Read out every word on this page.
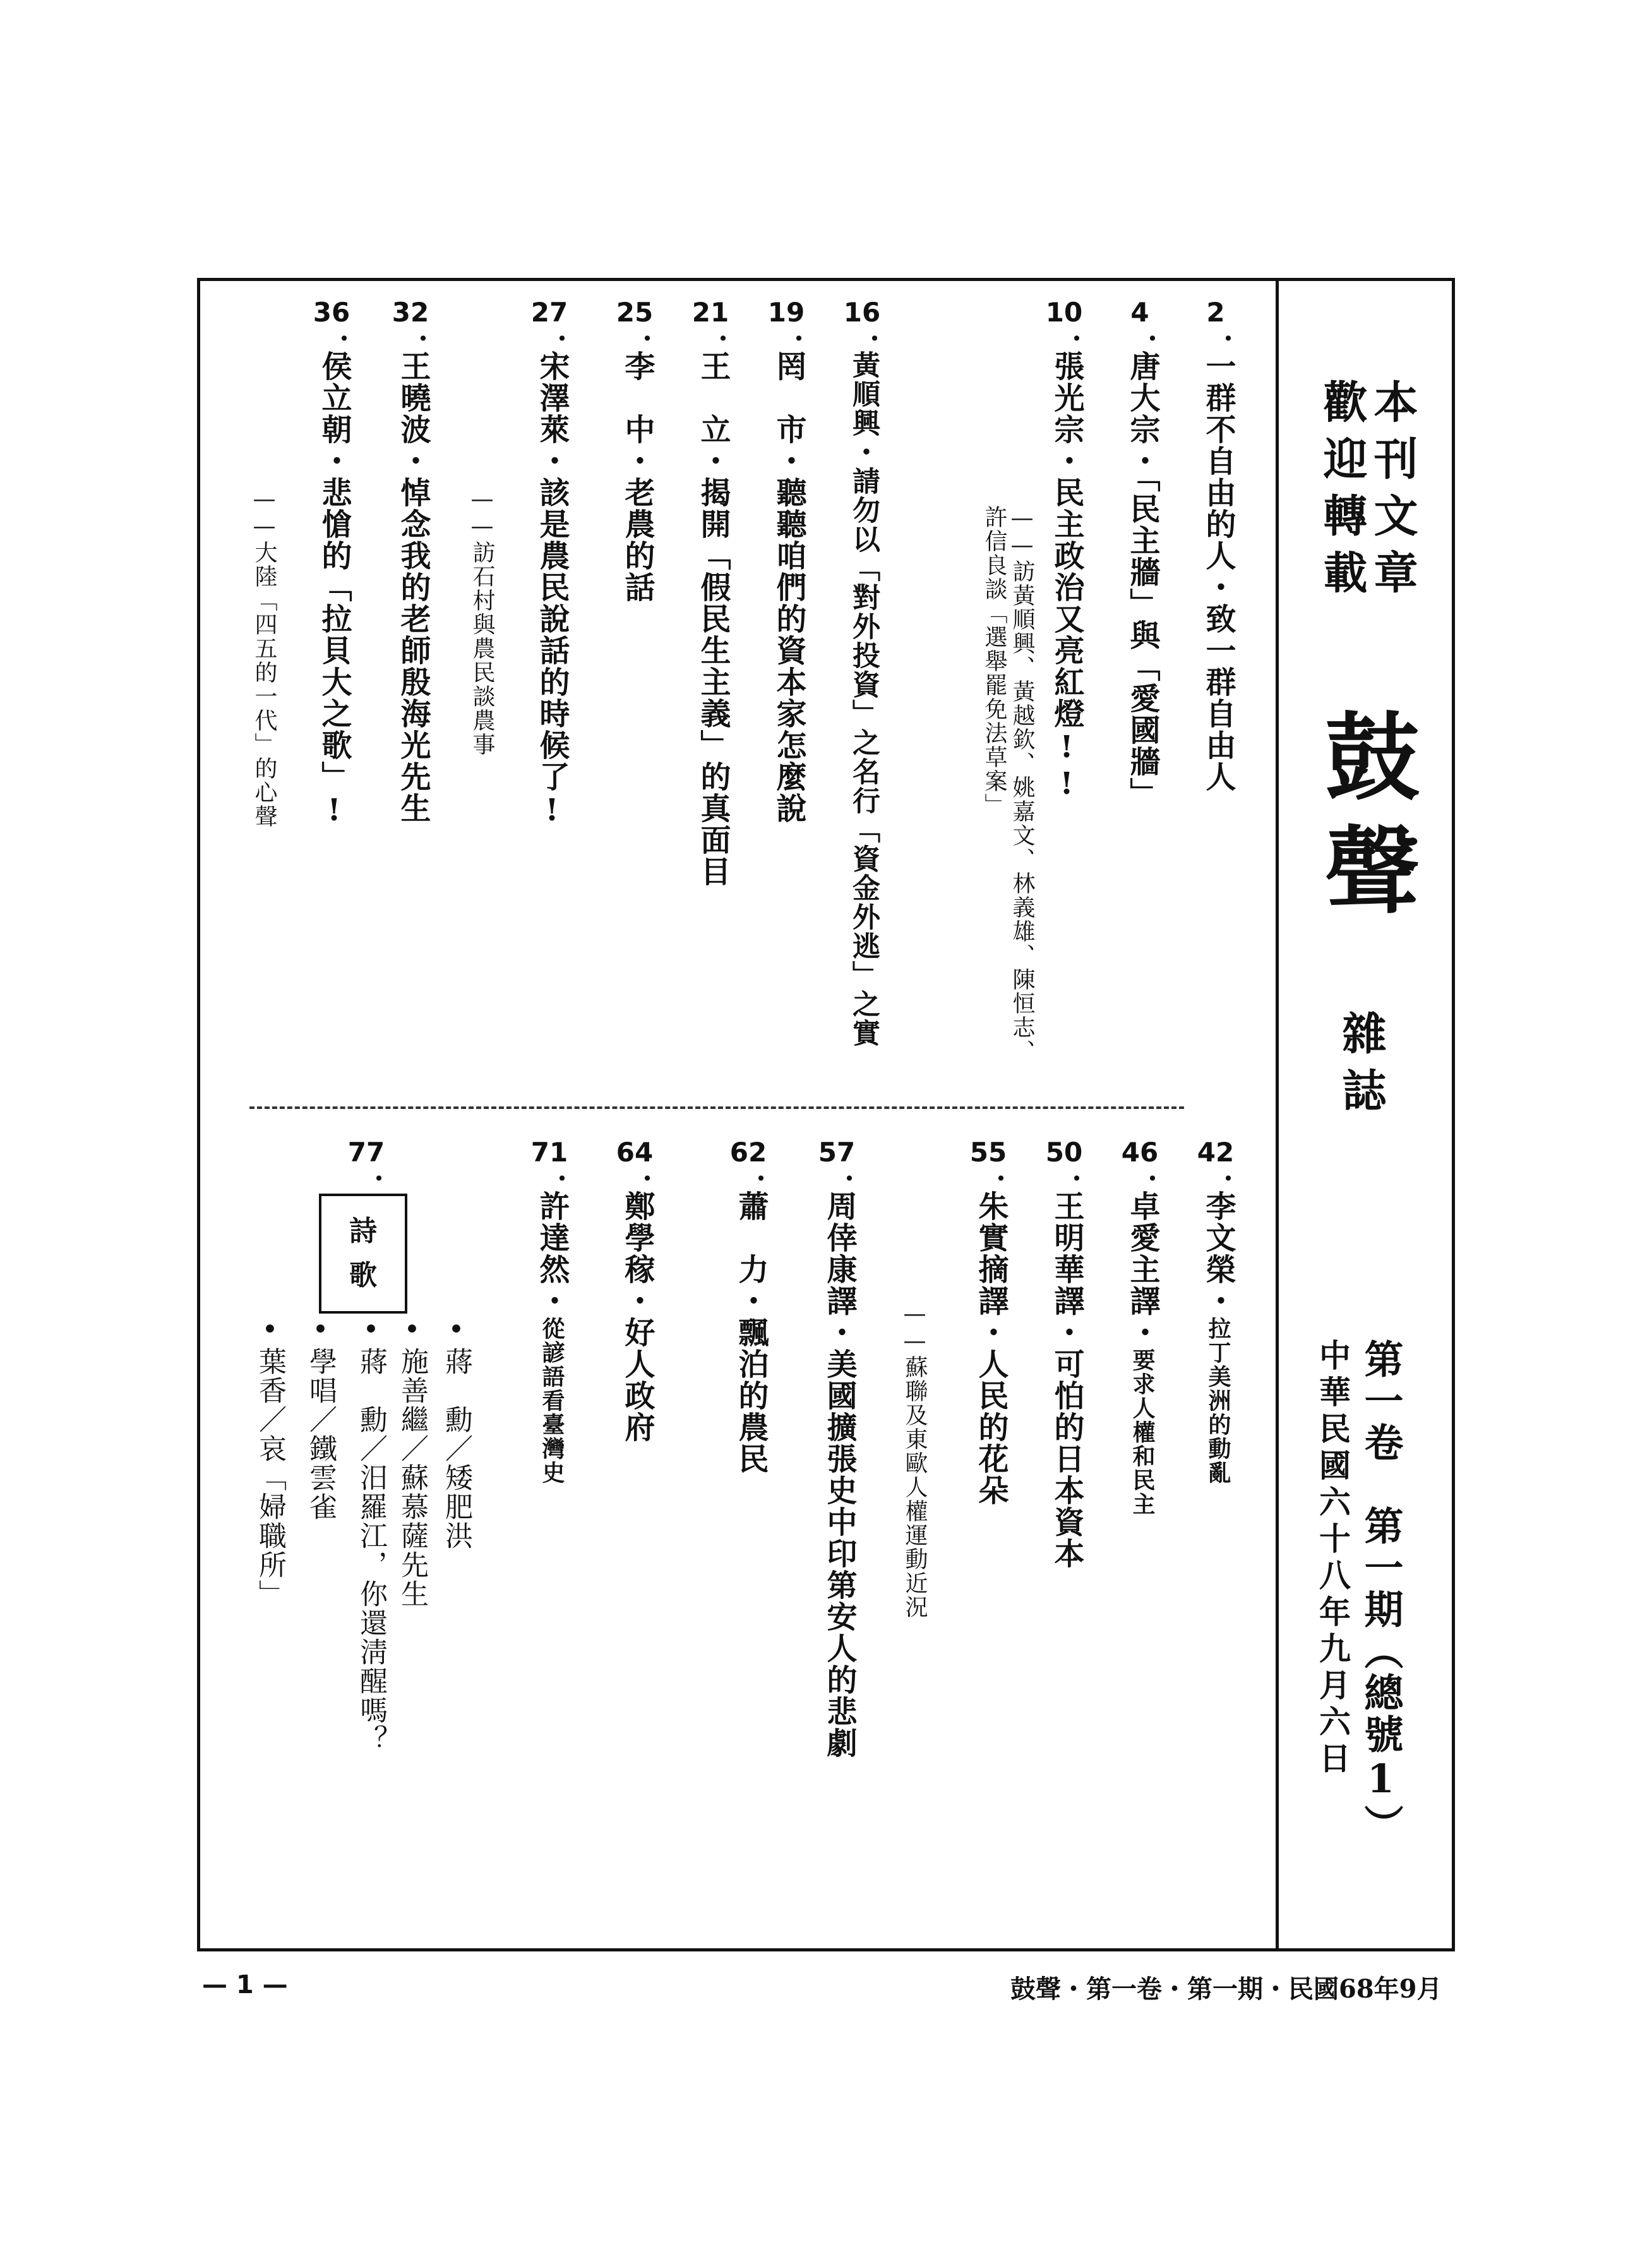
本刊文章
歡迎轉載
鼓聲
雜誌
第一卷　第一期（總號1）
中華民國六十八年九月六日
2
•
一群不自由的人・致一群自由人
4
•
唐大宗・「民主牆」與「愛國牆」
10
•
張光宗・民主政治又亮紅燈!!
——訪黃順興、黃越欽、姚嘉文、林義雄、陳恒志、許信良談「選舉罷免法草案」
16
•
黃順興・請勿以「對外投資」之名行「資金外逃」之實
19
•
罔　市・聽聽咱們的資本家怎麼說
21
•
王　立・揭開「假民生主義」的真面目
25
•
李　中・老農的話
27
•
宋澤萊・該是農民說話的時候了!
——訪石村與農民談農事
32
•
王曉波・悼念我的老師殷海光先生
36
•
侯立朝・悲愴的「拉貝大之歌」!
——大陸「四五的一代」的心聲
42
•
李文榮・拉丁美洲的動亂
46
•
卓愛主譯・要求人權和民主
50
•
王明華譯・可怕的日本資本
55
•
朱實摘譯・人民的花朵
——蘇聯及東歐人權運動近況
57
•
周倖康譯・美國擴張史中印第安人的悲劇
62
•
蕭　力・飄泊的農民
64
•
鄭學稼・好人政府
71
•
許達然・從諺語看臺灣史
77
•
詩
歌
•蔣　勳／矮肥洪
•施善繼／蘇慕薩先生
•蔣　勳／汨羅江，你還淸醒嗎？
•學唱／鐵雲雀
•葉香／哀「婦職所」
— 1 —	鼓聲・第一卷・第一期・民國68年9月
